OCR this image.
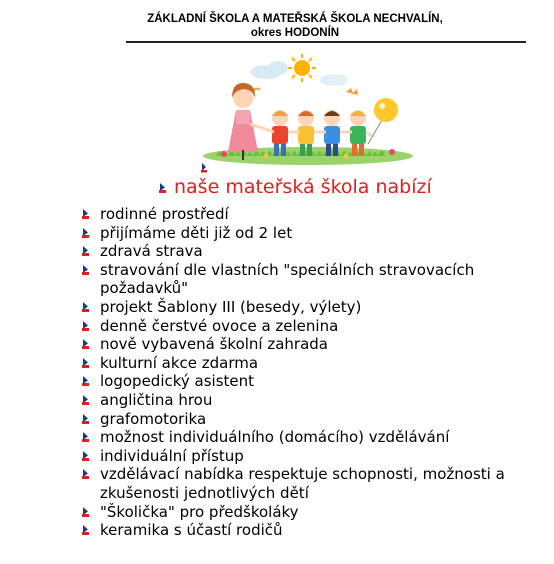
ZÁKLADNÍ ŠKOLA A MATEŘSKÁ ŠKOLA NECHVALÍN,
okres HODONÍN
naše mateřská škola nabízí
rodinné prostředí
přijímáme děti již od 2 let
zdravá strava
stravování dle vlastních "speciálních stravovacích požadavků"
projekt Šablony III (besedy, výlety)
denně čerstvé ovoce a zelenina
nově vybavená školní zahrada
kulturní akce zdarma
logopedický asistent
angličtina hrou
grafomotorika
možnost individuálního (domácího) vzdělávání
individuální přístup
vzdělávací nabídka respektuje schopnosti, možnosti a zkušenosti jednotlivých dětí
"Školička" pro předškoláky
keramika s účastí rodičů
